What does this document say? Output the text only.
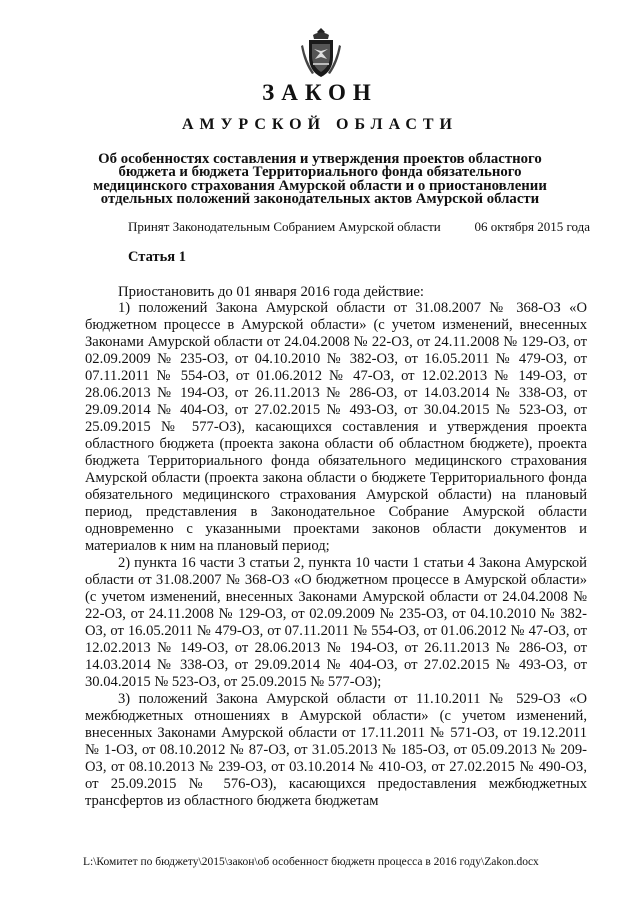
ЗАКОН
АМУРСКОЙ ОБЛАСТИ

Об особенностях составления и утверждения проектов областного бюджета и бюджета Территориального фонда обязательного медицинского страхования Амурской области и о приостановлении отдельных положений законодательных актов Амурской области

Принят Законодательным Собранием Амурской области	06 октября 2015 года
Статья 1

Приостановить до 01 января 2016 года действие:

1) положений Закона Амурской области от 31.08.2007 № 368-ОЗ «О бюджетном процессе в Амурской области» (с учетом изменений, внесенных Законами Амурской области от 24.04.2008 № 22-ОЗ, от 24.11.2008 № 129-ОЗ, от 02.09.2009 № 235-ОЗ, от 04.10.2010 № 382-ОЗ, от 16.05.2011 № 479-ОЗ, от 07.11.2011 № 554-ОЗ, от 01.06.2012 № 47-ОЗ, от 12.02.2013 № 149-ОЗ, от 28.06.2013 № 194-ОЗ, от 26.11.2013 № 286-ОЗ, от 14.03.2014 № 338-ОЗ, от 29.09.2014 № 404-ОЗ, от 27.02.2015 № 493-ОЗ, от 30.04.2015 № 523-ОЗ, от 25.09.2015 № 577-ОЗ), касающихся составления и утверждения проекта областного бюджета (проекта закона области об областном бюджете), проекта бюджета Территориального фонда обязательного медицинского страхования Амурской области (проекта закона области о бюджете Территориального фонда обязательного медицинского страхования Амурской области) на плановый период, представления в Законодательное Собрание Амурской области одновременно с указанными проектами законов области документов и материалов к ним на плановый период;

2) пункта 16 части 3 статьи 2, пункта 10 части 1 статьи 4 Закона Амурской области от 31.08.2007 № 368-ОЗ «О бюджетном процессе в Амурской области» (с учетом изменений, внесенных Законами Амурской области от 24.04.2008 № 22-ОЗ, от 24.11.2008 № 129-ОЗ, от 02.09.2009 № 235-ОЗ, от 04.10.2010 № 382-ОЗ, от 16.05.2011 № 479-ОЗ, от 07.11.2011 № 554-ОЗ, от 01.06.2012 № 47-ОЗ, от 12.02.2013 № 149-ОЗ, от 28.06.2013 № 194-ОЗ, от 26.11.2013 № 286-ОЗ, от 14.03.2014 № 338-ОЗ, от 29.09.2014 № 404-ОЗ, от 27.02.2015 № 493-ОЗ, от 30.04.2015 № 523-ОЗ, от 25.09.2015 № 577-ОЗ);

3) положений Закона Амурской области от 11.10.2011 № 529-ОЗ «О межбюджетных отношениях в Амурской области» (с учетом изменений, внесенных Законами Амурской области от 17.11.2011 № 571-ОЗ, от 19.12.2011 № 1-ОЗ, от 08.10.2012 № 87-ОЗ, от 31.05.2013 № 185-ОЗ, от 05.09.2013 № 209-ОЗ, от 08.10.2013 № 239-ОЗ, от 03.10.2014 № 410-ОЗ, от 27.02.2015 № 490-ОЗ, от 25.09.2015 № 576-ОЗ), касающихся предоставления межбюджетных трансфертов из областного бюджета бюджетам

L:\Комитет по бюджету\2015\закон\об особенност бюджетн процесса в 2016 году\Zakon.docx
